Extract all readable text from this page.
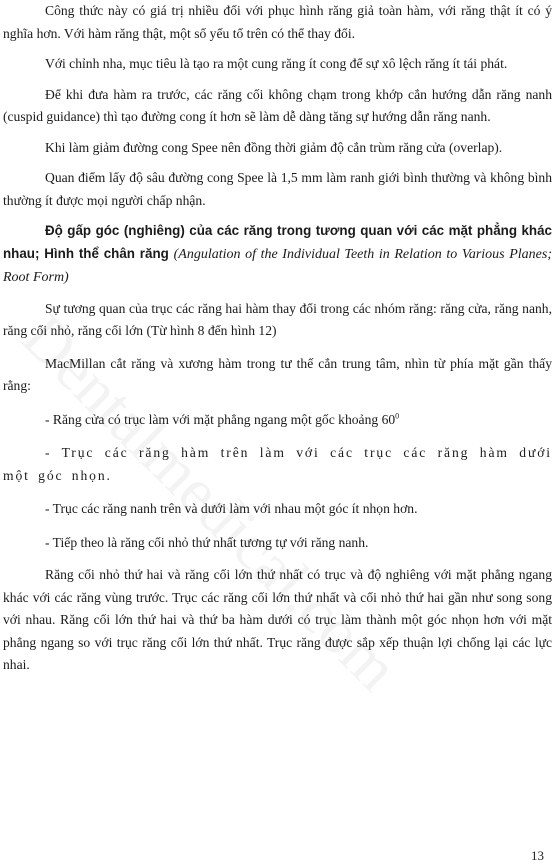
Công thức này có giá trị nhiều đối với phục hình răng giả toàn hàm, với răng thật ít có ý nghĩa hơn. Với hàm răng thật, một số yếu tố trên có thể thay đổi.

Với chỉnh nha, mục tiêu là tạo ra một cung răng ít cong để sự xô lệch răng ít tái phát.

Để khi đưa hàm ra trước, các răng cối không chạm trong khớp cắn hướng dẫn răng nanh (cuspid guidance) thì tạo đường cong ít hơn sẽ làm dễ dàng tăng sự hướng dẫn răng nanh.

Khi làm giảm đường cong Spee nên đồng thời giảm độ cắn trùm răng cửa (overlap).

Quan điểm lấy độ sâu đường cong Spee là 1,5 mm làm ranh giới bình thường và không bình thường ít được mọi người chấp nhận.

Độ gấp góc (nghiêng) của các răng trong tương quan với các mặt phẳng khác nhau; Hình thể chân răng (Angulation of the Individual Teeth in Relation to Various Planes; Root Form)

Sự tương quan của trục các răng hai hàm thay đổi trong các nhóm răng: răng cửa, răng nanh, răng cối nhỏ, răng cối lớn (Từ hình 8 đến hình 12)

MacMillan cắt răng và xương hàm trong tư thế cắn trung tâm, nhìn từ phía mặt gần thấy rằng:

- Răng cửa có trục làm với mặt phẳng ngang một gốc khoảng $60^0$

- Trục các răng hàm trên làm với các trục các răng hàm dưới một góc nhọn.

- Trục các răng nanh trên và dưới làm với nhau một góc ít nhọn hơn.

- Tiếp theo là răng cối nhỏ thứ nhất tương tự với răng nanh.

Răng cối nhỏ thứ hai và răng cối lớn thứ nhất có trục và độ nghiêng với mặt phẳng ngang khác với các răng vùng trước. Trục các răng cối lớn thứ nhất và cối nhỏ thứ hai gần như song song với nhau. Răng cối lớn thứ hai và thứ ba hàm dưới có trục làm thành một góc nhọn hơn với mặt phẳng ngang so với trục răng cối lớn thứ nhất. Trục răng được sắp xếp thuận lợi chống lại các lực nhai.

13
